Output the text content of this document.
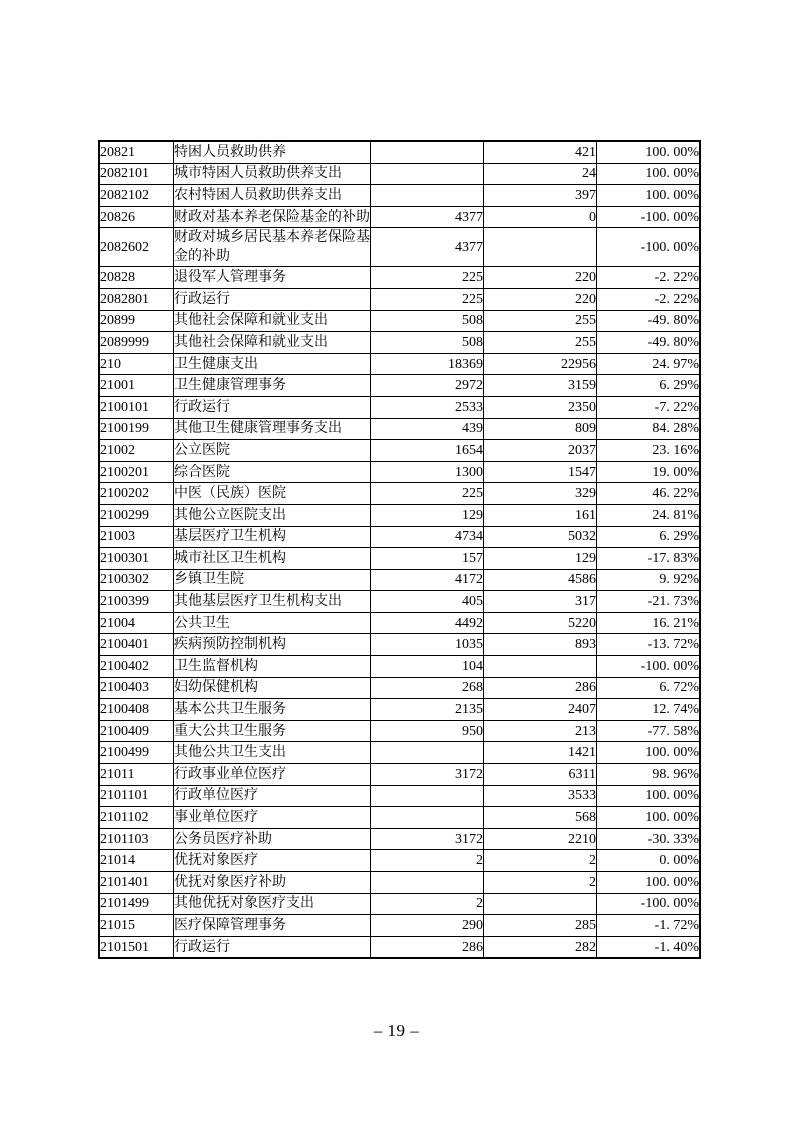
20821	特困人员救助供养		421	100. 00%
2082101	城市特困人员救助供养支出		24	100. 00%
2082102	农村特困人员救助供养支出		397	100. 00%
20826	财政对基本养老保险基金的补助	4377	0	-100. 00%
2082602	财政对城乡居民基本养老保险基金的补助	4377		-100. 00%
20828	退役军人管理事务	225	220	-2. 22%
2082801	行政运行	225	220	-2. 22%
20899	其他社会保障和就业支出	508	255	-49. 80%
2089999	其他社会保障和就业支出	508	255	-49. 80%
210	卫生健康支出	18369	22956	24. 97%
21001	卫生健康管理事务	2972	3159	6. 29%
2100101	行政运行	2533	2350	-7. 22%
2100199	其他卫生健康管理事务支出	439	809	84. 28%
21002	公立医院	1654	2037	23. 16%
2100201	综合医院	1300	1547	19. 00%
2100202	中医（民族）医院	225	329	46. 22%
2100299	其他公立医院支出	129	161	24. 81%
21003	基层医疗卫生机构	4734	5032	6. 29%
2100301	城市社区卫生机构	157	129	-17. 83%
2100302	乡镇卫生院	4172	4586	9. 92%
2100399	其他基层医疗卫生机构支出	405	317	-21. 73%
21004	公共卫生	4492	5220	16. 21%
2100401	疾病预防控制机构	1035	893	-13. 72%
2100402	卫生监督机构	104		-100. 00%
2100403	妇幼保健机构	268	286	6. 72%
2100408	基本公共卫生服务	2135	2407	12. 74%
2100409	重大公共卫生服务	950	213	-77. 58%
2100499	其他公共卫生支出		1421	100. 00%
21011	行政事业单位医疗	3172	6311	98. 96%
2101101	行政单位医疗		3533	100. 00%
2101102	事业单位医疗		568	100. 00%
2101103	公务员医疗补助	3172	2210	-30. 33%
21014	优抚对象医疗	2	2	0. 00%
2101401	优抚对象医疗补助		2	100. 00%
2101499	其他优抚对象医疗支出	2		-100. 00%
21015	医疗保障管理事务	290	285	-1. 72%
2101501	行政运行	286	282	-1. 40%
– 19 –
